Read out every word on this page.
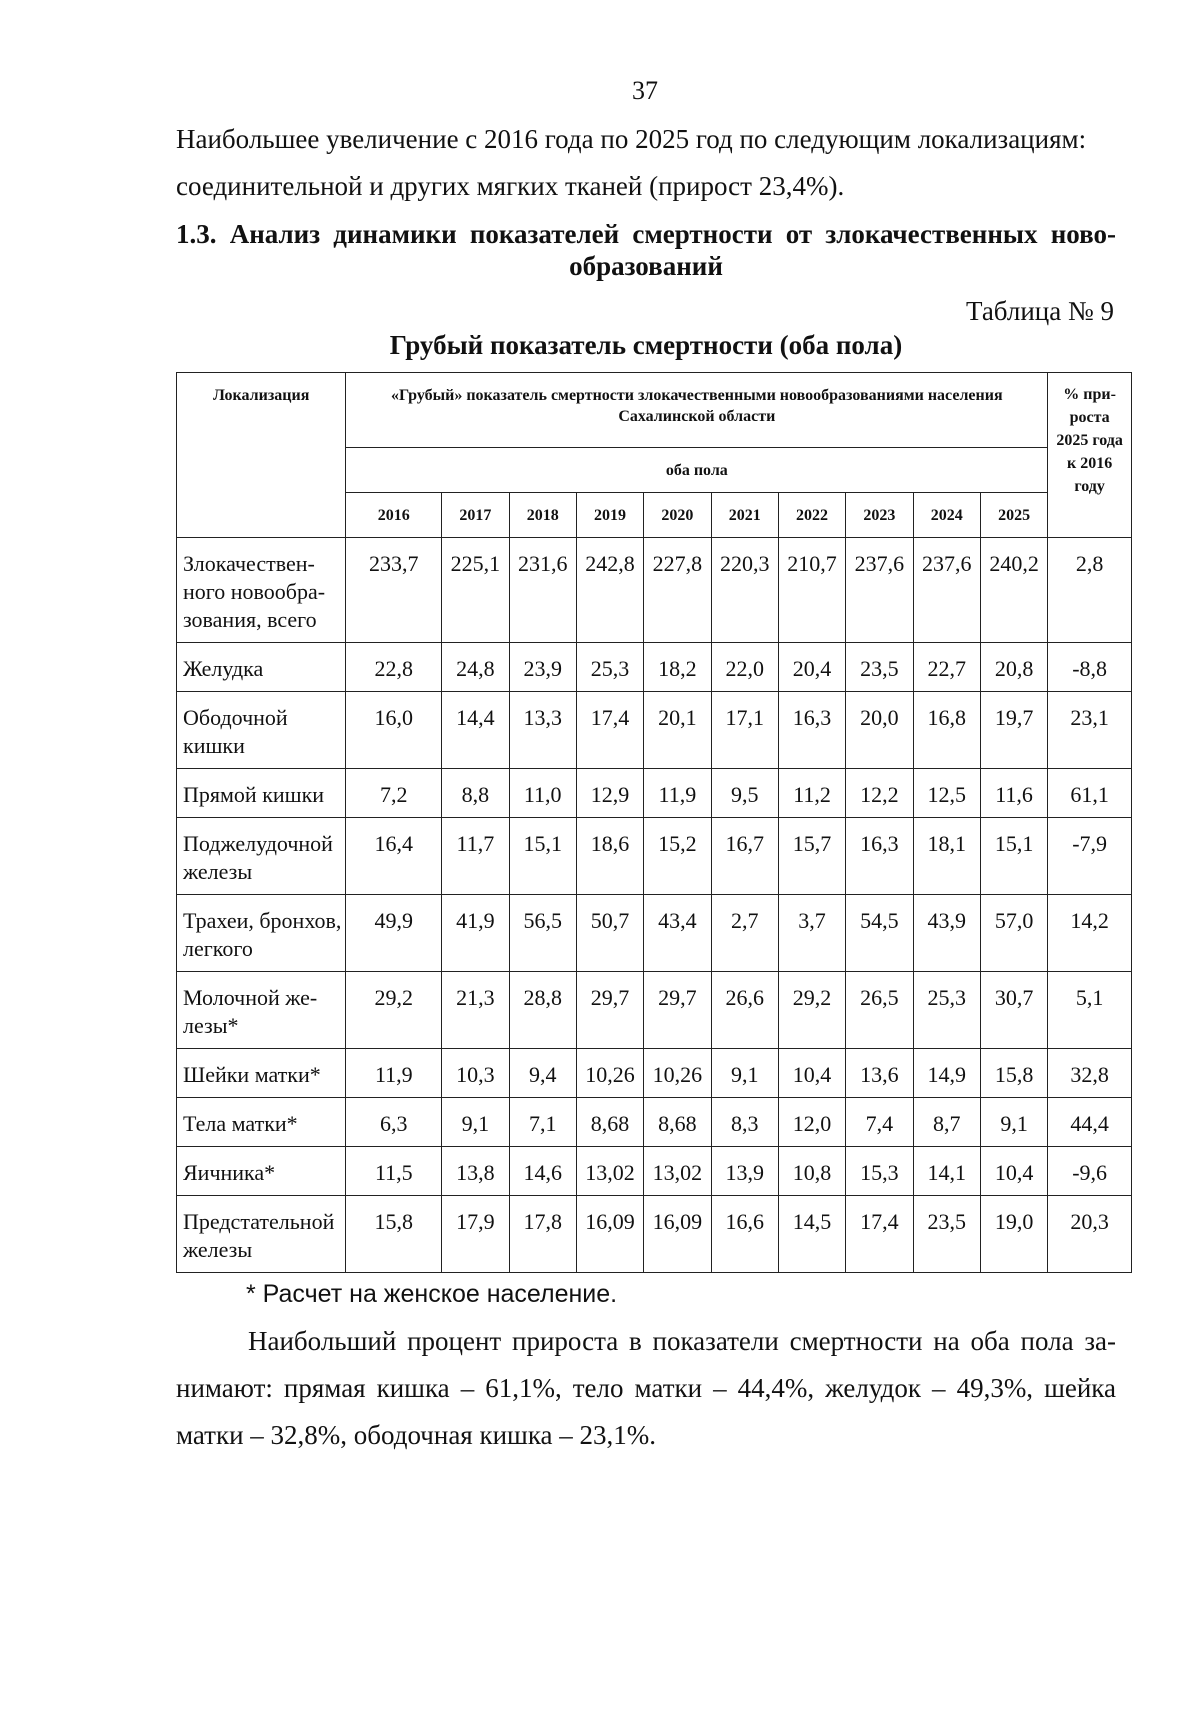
37

Наибольшее увеличение с 2016 года по 2025 год по следующим локализациям: соединительной и других мягких тканей (прирост 23,4%).

1.3. Анализ динамики показателей смертности от злокачественных новообразований

Таблица № 9
Грубый показатель смертности (оба пола)
Локализация	«Грубый» показатель смертности злокачественными новообразованиями населения Сахалинской области										% прироста 2025 года к 2016 году
	оба пола										
	2016	2017	2018	2019	2020	2021	2022	2023	2024	2025	
Злокачественного новообразования, всего	233,7	225,1	231,6	242,8	227,8	220,3	210,7	237,6	237,6	240,2	2,8
Желудка	22,8	24,8	23,9	25,3	18,2	22,0	20,4	23,5	22,7	20,8	-8,8
Ободочной кишки	16,0	14,4	13,3	17,4	20,1	17,1	16,3	20,0	16,8	19,7	23,1
Прямой кишки	7,2	8,8	11,0	12,9	11,9	9,5	11,2	12,2	12,5	11,6	61,1
Поджелудочной железы	16,4	11,7	15,1	18,6	15,2	16,7	15,7	16,3	18,1	15,1	-7,9
Трахеи, бронхов, легкого	49,9	41,9	56,5	50,7	43,4	2,7	3,7	54,5	43,9	57,0	14,2
Молочной железы*	29,2	21,3	28,8	29,7	29,7	26,6	29,2	26,5	25,3	30,7	5,1
Шейки матки*	11,9	10,3	9,4	10,26	10,26	9,1	10,4	13,6	14,9	15,8	32,8
Тела матки*	6,3	9,1	7,1	8,68	8,68	8,3	12,0	7,4	8,7	9,1	44,4
Яичника*	11,5	13,8	14,6	13,02	13,02	13,9	10,8	15,3	14,1	10,4	-9,6
Предстательной железы	15,8	17,9	17,8	16,09	16,09	16,6	14,5	17,4	23,5	19,0	20,3
* Расчет на женское население.

Наибольший процент прироста в показатели смертности на оба пола занимают: прямая кишка – 61,1%, тело матки – 44,4%, желудок – 49,3%, шейка матки – 32,8%, ободочная кишка – 23,1%.
